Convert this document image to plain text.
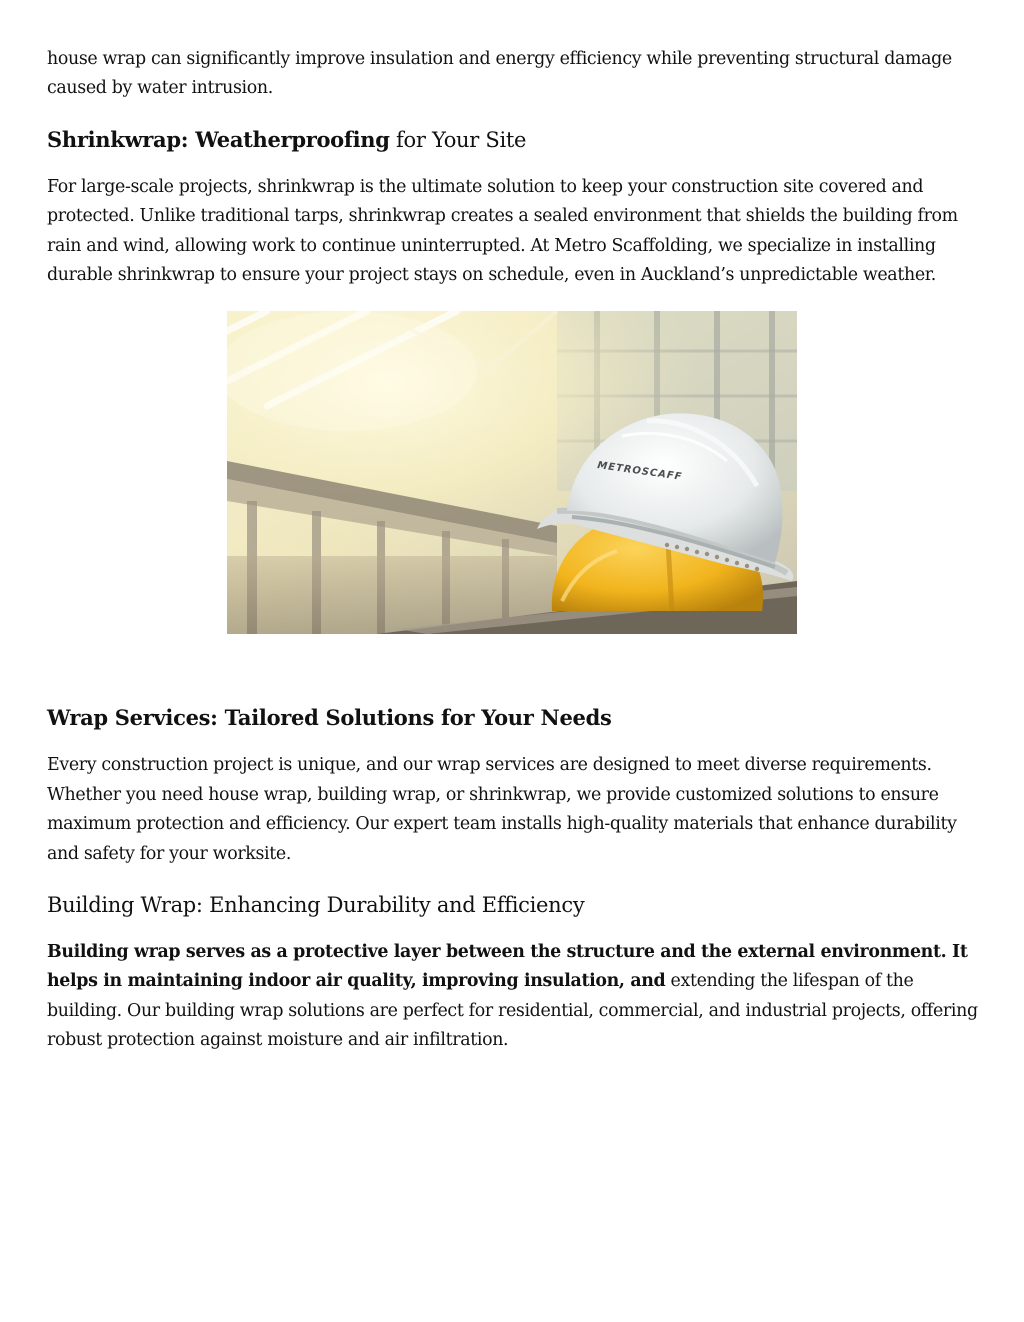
house wrap can significantly improve insulation and energy efficiency while preventing structural damage caused by water intrusion.

Shrinkwrap: Weatherproofing for Your Site

For large-scale projects, shrinkwrap is the ultimate solution to keep your construction site covered and protected. Unlike traditional tarps, shrinkwrap creates a sealed environment that shields the building from rain and wind, allowing work to continue uninterrupted. At Metro Scaffolding, we specialize in installing durable shrinkwrap to ensure your project stays on schedule, even in Auckland’s unpredictable weather.

METROSCAFF
Wrap Services: Tailored Solutions for Your Needs

Every construction project is unique, and our wrap services are designed to meet diverse requirements. Whether you need house wrap, building wrap, or shrinkwrap, we provide customized solutions to ensure maximum protection and efficiency. Our expert team installs high-quality materials that enhance durability and safety for your worksite.

Building Wrap: Enhancing Durability and Efficiency

Building wrap serves as a protective layer between the structure and the external environment. It helps in maintaining indoor air quality, improving insulation, and extending the lifespan of the building. Our building wrap solutions are perfect for residential, commercial, and industrial projects, offering robust protection against moisture and air infiltration.
